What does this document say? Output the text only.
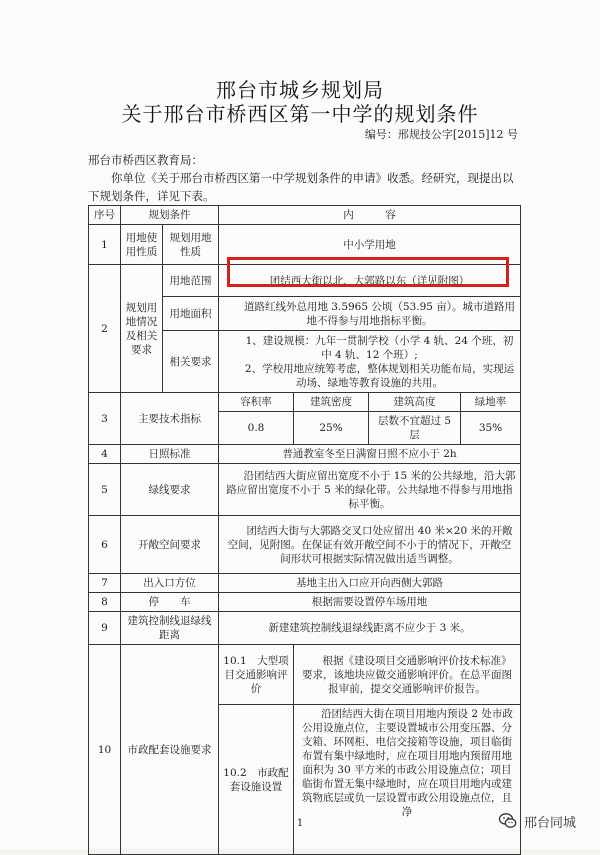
邢台市城乡规划局
关于邢台市桥西区第一中学的规划条件
编号：邢规技公字[2015]12 号
邢台市桥西区教育局：
你单位《关于邢台市桥西区第一中学规划条件的申请》收悉。经研究，现提出以下规划条件，详见下表。
序号	规划条件		内　　　容			
1	用地使用性质	规划用地性质	中小学用地			
2	规划用地情况及相关要求	用地范围	团结西大街以北，大郭路以东（详见附图）			
		用地面积	道路红线外总用地 3.5965 公顷（53.95 亩）。城市道路用地不得参与用地指标平衡。			
		相关要求	1、建设规模：九年一贯制学校（小学 4 轨、24 个班，初中 4 轨、12 个班）;
2、学校用地应统筹考虑，整体规划相关功能布局，实现运动场、绿地等教育设施的共用。			

3	主要技术指标		容积率	建筑密度	建筑高度	绿地率
			0.8	25%	层数不宜超过 5 层	35%
4	日照标准		普通教室冬至日满窗日照不应小于 2h			
5	绿线要求		沿团结西大街应留出宽度不小于 15 米的公共绿地，沿大郭路应留出宽度不小于 5 米的绿化带。公共绿地不得参与用地指标平衡。			
6	开敞空间要求		团结西大街与大郭路交叉口处应留出 40 米×20 米的开敞空间，见附图。在保证有效开敞空间不小于的情况下，开敞空间形状可根据实际情况做出适当调整。			
7	出入口方位		基地主出入口应开向西侧大郭路			
8	停　　车		根据需要设置停车场用地			
9	建筑控制线退绿线距离		新建建筑控制线退绿线距离不应少于 3 米。			
10	市政配套设施要求		10.1　大型项目交通影响评价	根据《建设项目交通影响评价技术标准》要求，该地块应做交通影响评价。在总平面图报审前，提交交通影响评价报告。		
			10.2　市政配套设施设置	沿团结西大街在项目用地内预设 2 处市政公用设施点位，主要设置城市公用变压器、分支箱、环网柜、电信交接箱等设施，项目临街布置有集中绿地时，应在项目用地内预留用地面积为 30 平方米的市政公用设施点位；项目临街布置无集中绿地时，应在项目用地内或建筑物底层或负一层设置市政公用设施点位，且净		
1	邢台同城
